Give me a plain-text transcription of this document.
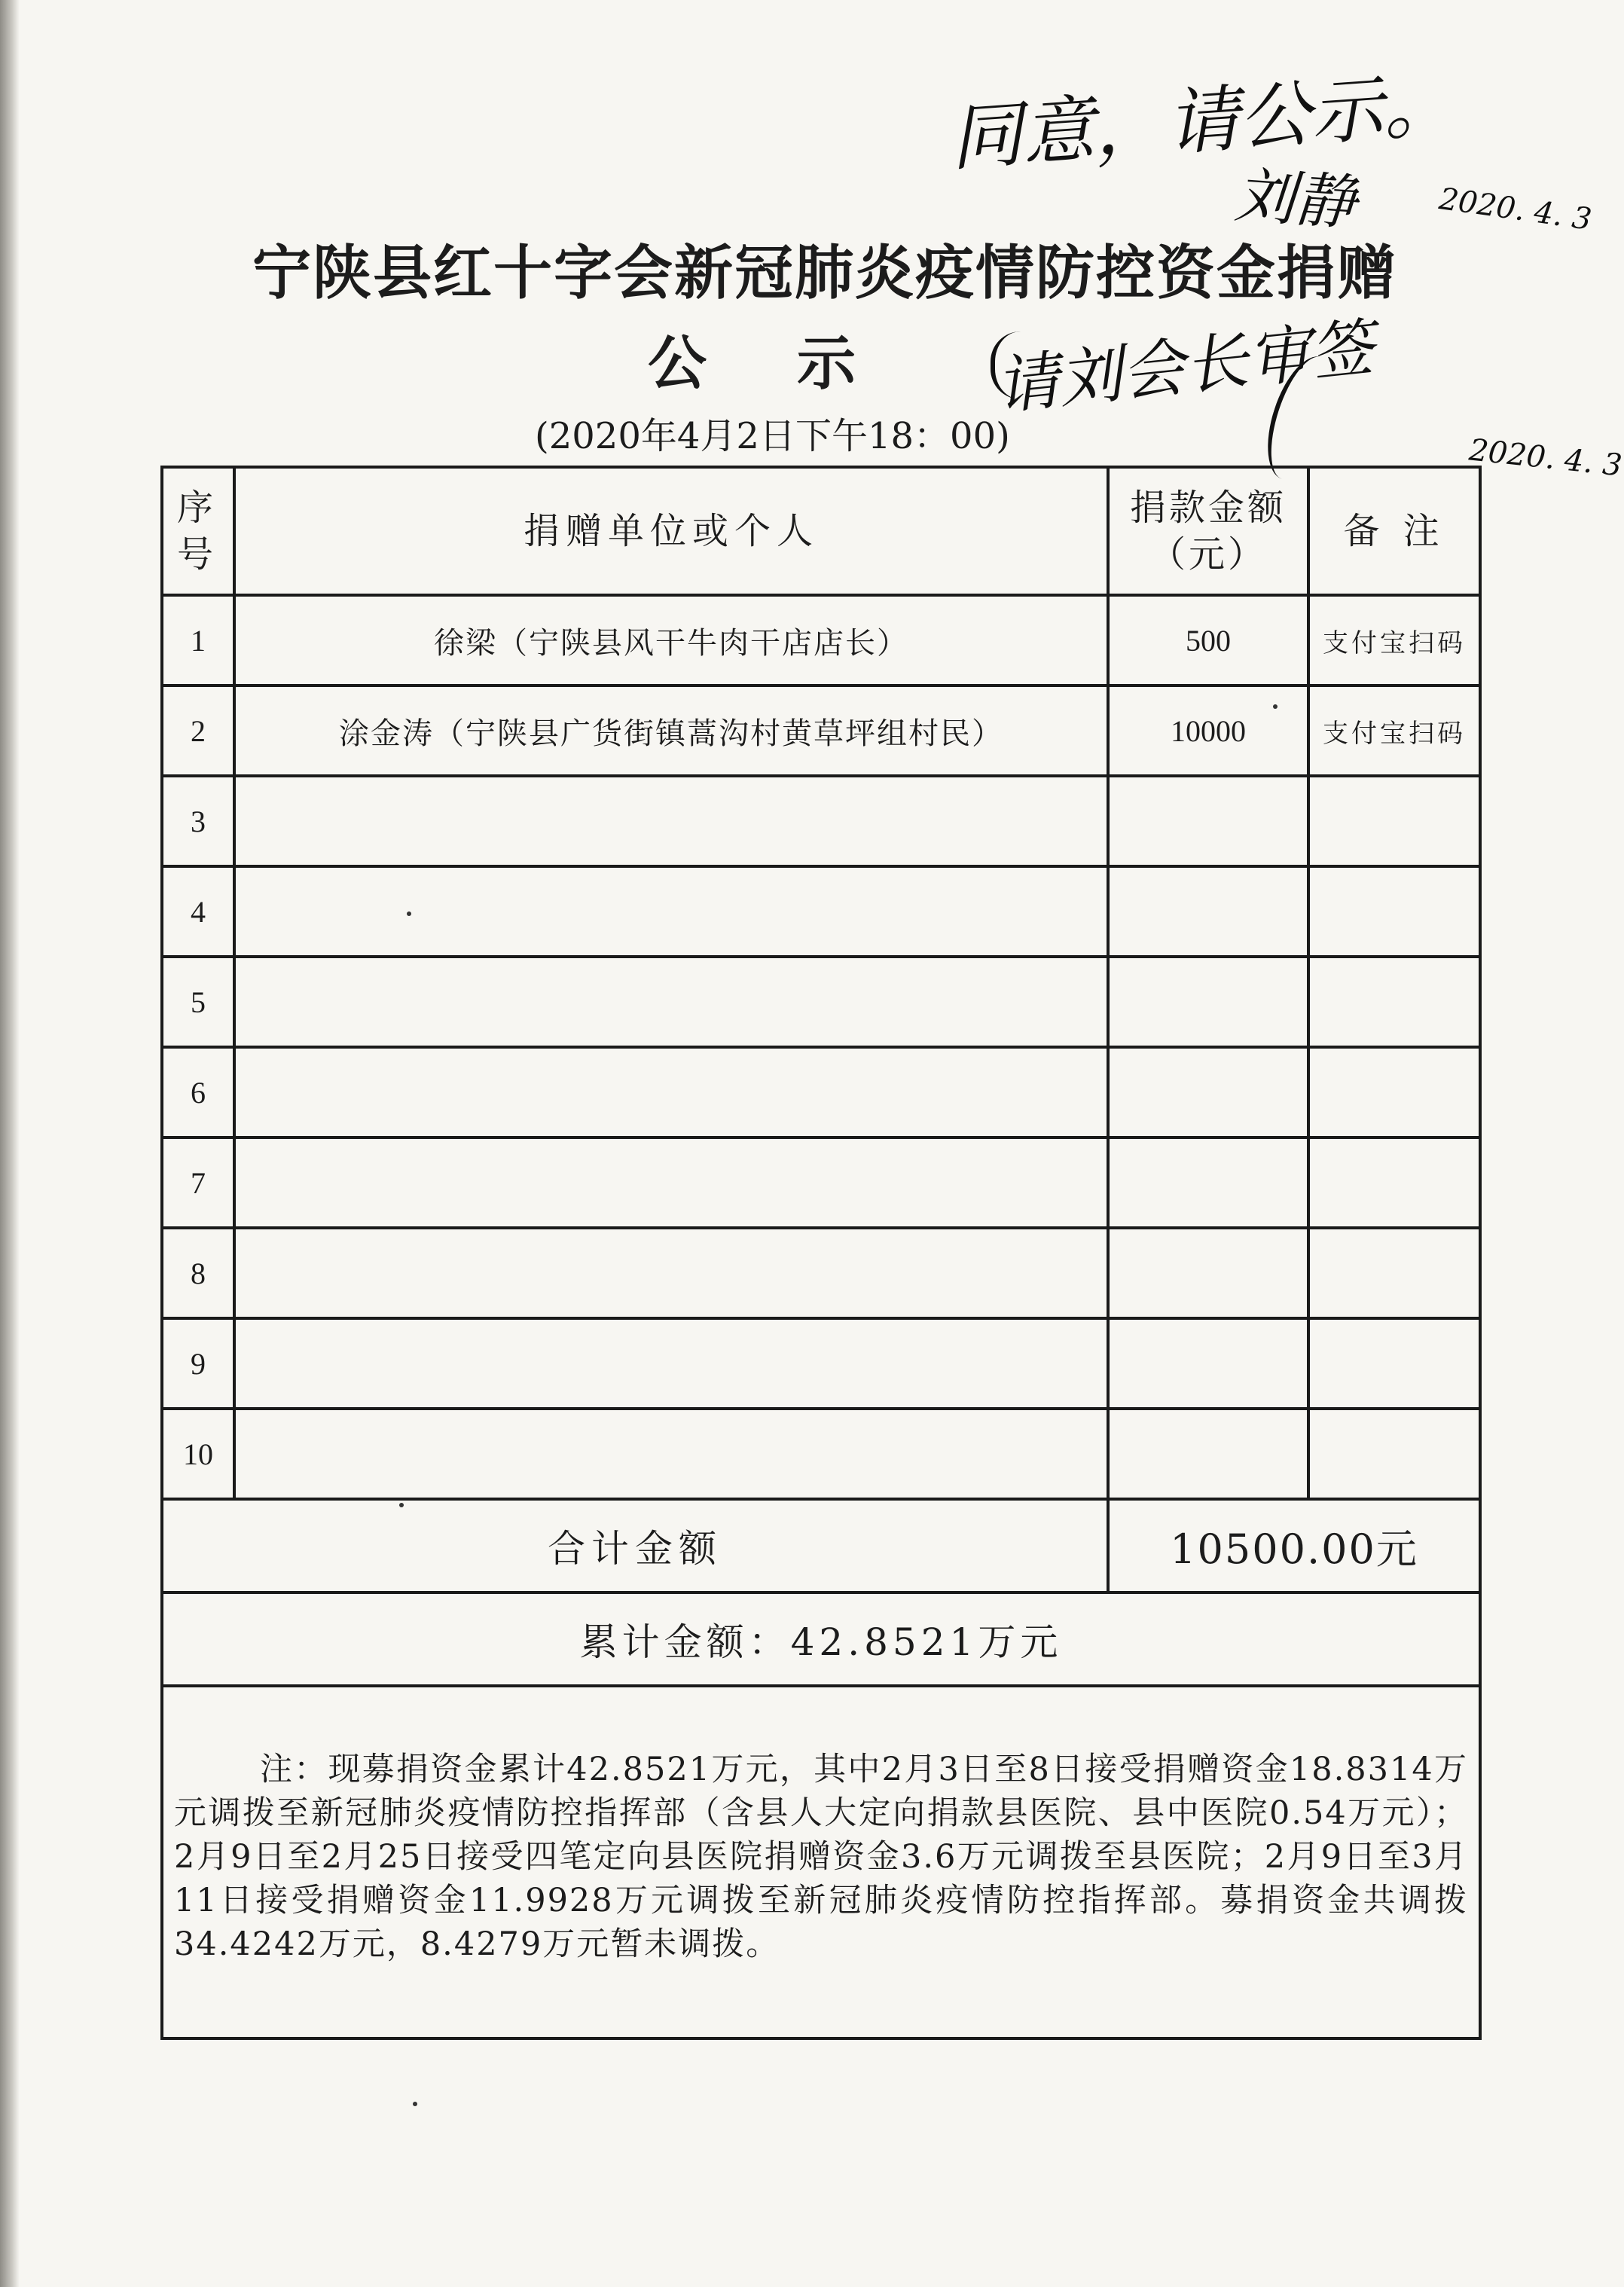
同意，请公示。
刘静	2020. 4. 3
请刘会长审签
2020. 4. 3
宁陕县红十字会新冠肺炎疫情防控资金捐赠
公示
(2020年4月2日下午18：00)
序号	捐赠单位或个人	捐款金额（元）	备 注
1	徐梁（宁陕县风干牛肉干店店长）	500	支付宝扫码
2	涂金涛（宁陕县广货街镇蒿沟村黄草坪组村民）	10000	支付宝扫码
3			
4			
5			
6			
7			
8			
9			
10			
合计金额		10500.00元	
累计金额：42.8521万元			

注：现募捐资金累计42.8521万元，其中2月3日至8日接受捐赠资金18.8314万元调拨至新冠肺炎疫情防控指挥部（含县人大定向捐款县医院、县中医院0.54万元）；2月9日至2月25日接受四笔定向县医院捐赠资金3.6万元调拨至县医院；2月9日至3月11日接受捐赠资金11.9928万元调拨至新冠肺炎疫情防控指挥部。募捐资金共调拨34.4242万元，8.4279万元暂未调拨。			
